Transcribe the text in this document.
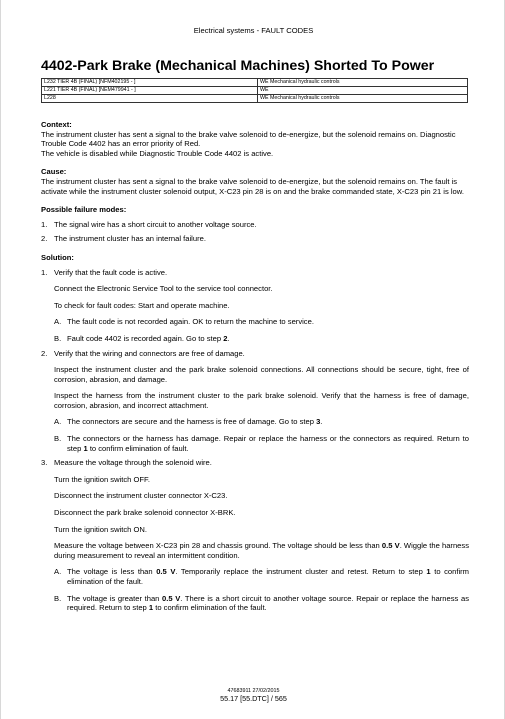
Electrical systems - FAULT CODES
4402-Park Brake (Mechanical Machines) Shorted To Power
L232 TIER 4B (FINAL) [NFM402195 - ]	WE Mechanical hydraulic controls
L221 TIER 4B (FINAL) [NEM479941 - ]	WE
L228	WE Mechanical hydraulic controls
Context:
The instrument cluster has sent a signal to the brake valve solenoid to de-energize, but the solenoid remains on. Diagnostic Trouble Code 4402 has an error priority of Red.
The vehicle is disabled while Diagnostic Trouble Code 4402 is active.
Cause:
The instrument cluster has sent a signal to the brake valve solenoid to de-energize, but the solenoid remains on. The fault is activate while the instrument cluster solenoid output, X-C23 pin 28 is on and the brake commanded state, X-C23 pin 21 is low.
Possible failure modes:
1. The signal wire has a short circuit to another voltage source.
2. The instrument cluster has an internal failure.
Solution:
1. Verify that the fault code is active.
Connect the Electronic Service Tool to the service tool connector.
To check for fault codes: Start and operate machine.
A. The fault code is not recorded again. OK to return the machine to service.
B. Fault code 4402 is recorded again. Go to step 2.
2. Verify that the wiring and connectors are free of damage.
Inspect the instrument cluster and the park brake solenoid connections. All connections should be secure, tight, free of corrosion, abrasion, and damage.
Inspect the harness from the instrument cluster to the park brake solenoid. Verify that the harness is free of damage, corrosion, abrasion, and incorrect attachment.
A. The connectors are secure and the harness is free of damage. Go to step 3.
B. The connectors or the harness has damage. Repair or replace the harness or the connectors as required. Return to step 1 to confirm elimination of fault.
3. Measure the voltage through the solenoid wire.
Turn the ignition switch OFF.
Disconnect the instrument cluster connector X-C23.
Disconnect the park brake solenoid connector X-BRK.
Turn the ignition switch ON.
Measure the voltage between X-C23 pin 28 and chassis ground. The voltage should be less than 0.5 V. Wiggle the harness during measurement to reveal an intermittent condition.
A. The voltage is less than 0.5 V. Temporarily replace the instrument cluster and retest. Return to step 1 to confirm elimination of the fault.
B. The voltage is greater than 0.5 V. There is a short circuit to another voltage source. Repair or replace the harness as required. Return to step 1 to confirm elimination of the fault.
47683911 27/02/2015
55.17 [55.DTC] / 565
